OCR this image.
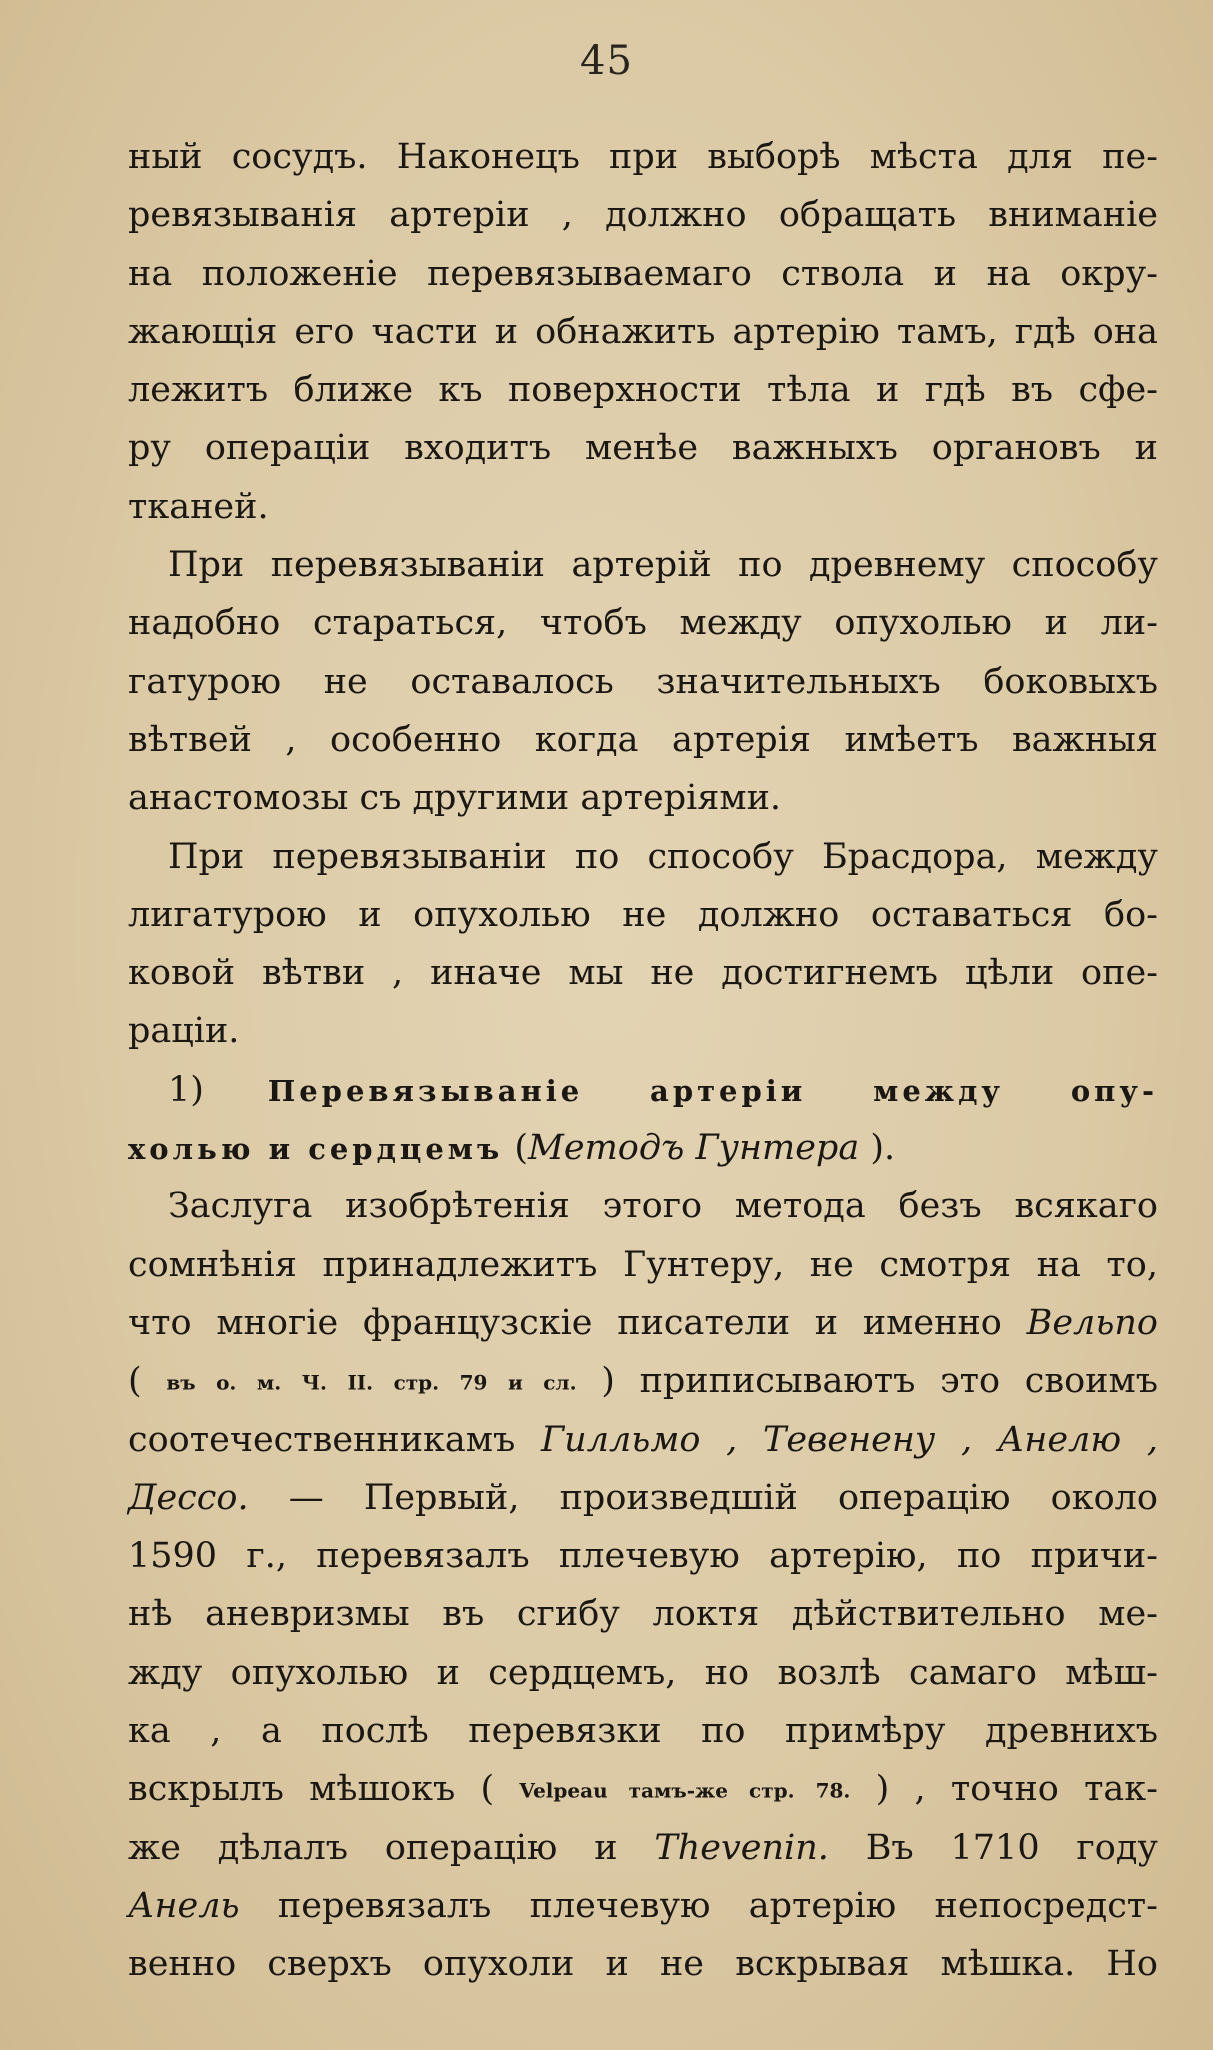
45
ный сосудъ. Наконецъ при выборѣ мѣста для пе-
ревязыванія артеріи , должно обращать вниманіе
на положеніе перевязываемаго ствола и на окру-
жающія его части и обнажить артерію тамъ, гдѣ она
лежитъ ближе къ поверхности тѣла и гдѣ въ сфе-
ру операціи входитъ менѣе важныхъ органовъ и
тканей.
При перевязываніи артерій по древнему способу
надобно стараться, чтобъ между опухолью и ли-
гатурою не оставалось значительныхъ боковыхъ
вѣтвей , особенно когда артерія имѣетъ важныя
анастомозы съ другими артеріями.
При перевязываніи по способу Брасдора, между
лигатурою и опухолью не должно оставаться бо-
ковой вѣтви , иначе мы не достигнемъ цѣли опе-
раціи.
1) Перевязываніе артеріи между опу-
холью и сердцемъ (Методъ Гунтера ).
Заслуга изобрѣтенія этого метода безъ всякаго
сомнѣнія принадлежитъ Гунтеру, не смотря на то,
что многіе французскіе писатели и именно Вельпо
( въ о. м. Ч. II. стр. 79 и сл. ) приписываютъ это своимъ
соотечественникамъ Гилльмо , Тевенену , Анелю ,
Дессо. — Первый, произведшій операцію около
1590 г., перевязалъ плечевую артерію, по причи-
нѣ аневризмы въ сгибу локтя дѣйствительно ме-
жду опухолью и сердцемъ, но возлѣ самаго мѣш-
ка , а послѣ перевязки по примѣру древнихъ
вскрылъ мѣшокъ ( Velpeau тамъ-же стр. 78. ) , точно так-
же дѣлалъ операцію и Thevenin. Въ 1710 году
Анель перевязалъ плечевую артерію непосредст-
венно сверхъ опухоли и не вскрывая мѣшка. Но
